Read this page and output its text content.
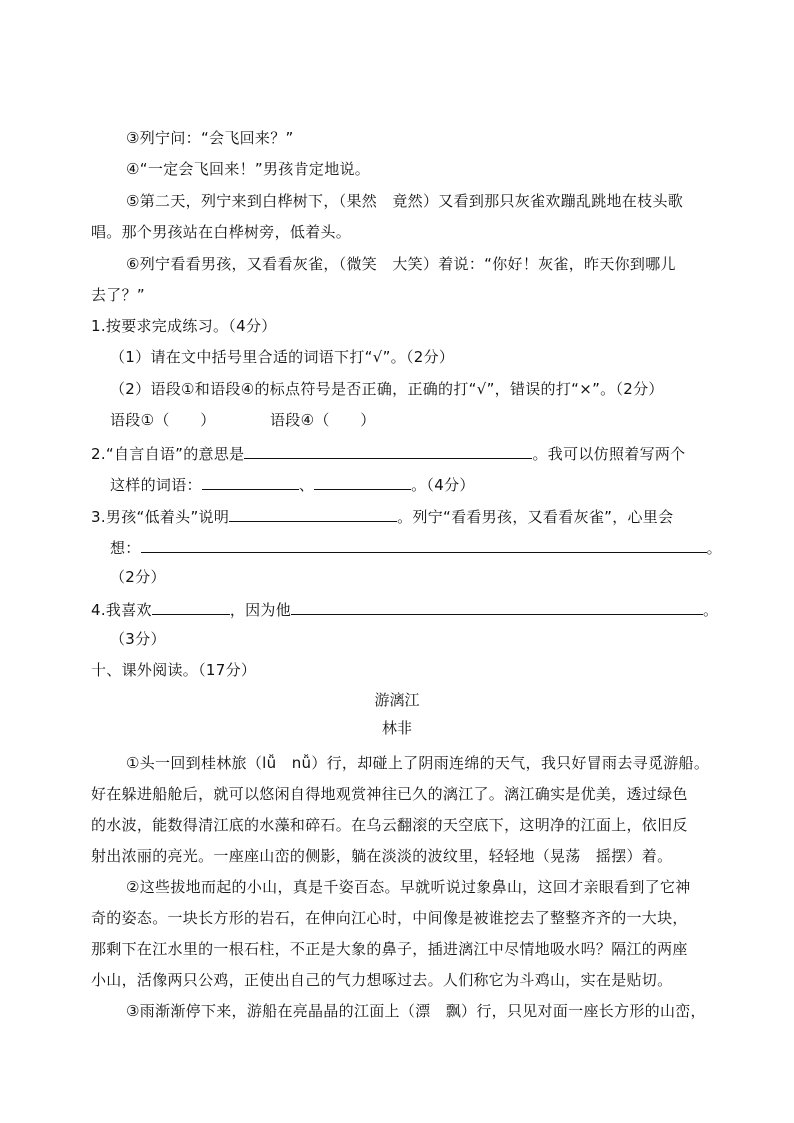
③列宁问：“会飞回来？”
④“一定会飞回来！”男孩肯定地说。
⑤第二天，列宁来到白桦树下，（果然　竟然）又看到那只灰雀欢蹦乱跳地在枝头歌
唱。那个男孩站在白桦树旁，低着头。
⑥列宁看看男孩，又看看灰雀，（微笑　大笑）着说：“你好！灰雀，昨天你到哪儿
去了？”
1.按要求完成练习。（4分）
（1）请在文中括号里合适的词语下打“√”。（2分）
（2）语段①和语段④的标点符号是否正确，正确的打“√”，错误的打“×”。（2分）
语段①（　　）	语段④（　　）
2.“自言自语”的意思是	。我可以仿照着写两个
这样的词语：	、	。（4分）
3.男孩“低着头”说明	。列宁“看看男孩，又看看灰雀”，心里会
想：	。
（2分）
4.我喜欢	，因为他	。
（3分）
十、课外阅读。（17分）
游漓江
林非
①头一回到桂林旅（lǚ　nǚ）行，却碰上了阴雨连绵的天气，我只好冒雨去寻觅游船。
好在躲进船舱后，就可以悠闲自得地观赏神往已久的漓江了。漓江确实是优美，透过绿色
的水波，能数得清江底的水藻和碎石。在乌云翻滚的天空底下，这明净的江面上，依旧反
射出浓丽的亮光。一座座山峦的侧影，躺在淡淡的波纹里，轻轻地（晃荡　摇摆）着。
②这些拔地而起的小山，真是千姿百态。早就听说过象鼻山，这回才亲眼看到了它神
奇的姿态。一块长方形的岩石，在伸向江心时，中间像是被谁挖去了整整齐齐的一大块，
那剩下在江水里的一根石柱，不正是大象的鼻子，插进漓江中尽情地吸水吗？隔江的两座
小山，活像两只公鸡，正使出自己的气力想啄过去。人们称它为斗鸡山，实在是贴切。
③雨渐渐停下来，游船在亮晶晶的江面上（漂　飘）行，只见对面一座长方形的山峦，
